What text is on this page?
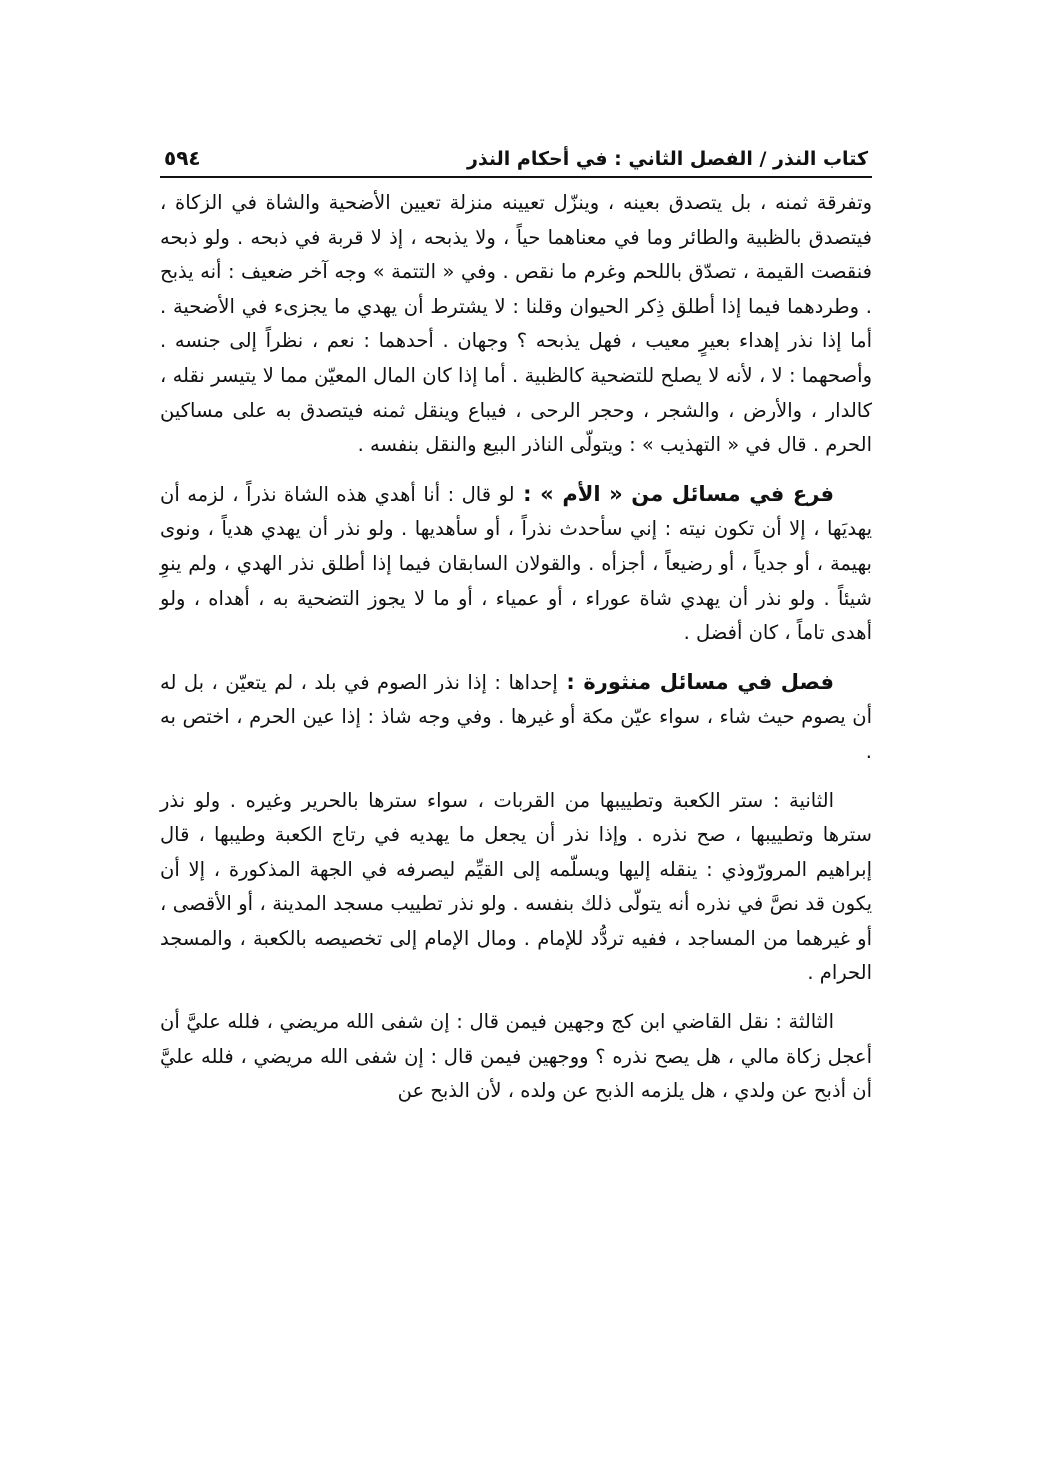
كتاب النذر / الفصل الثاني : في أحكام النذر
٥٩٤

وتفرقة ثمنه ، بل يتصدق بعينه ، وينزّل تعيينه منزلة تعيين الأضحية والشاة في الزكاة ، فيتصدق بالظبية والطائر وما في معناهما حياً ، ولا يذبحه ، إذ لا قربة في ذبحه . ولو ذبحه فنقصت القيمة ، تصدّق باللحم وغرم ما نقص . وفي « التتمة » وجه آخر ضعيف : أنه يذبح . وطردهما فيما إذا أطلق ذِكر الحيوان وقلنا : لا يشترط أن يهدي ما يجزىء في الأضحية . أما إذا نذر إهداء بعيرٍ معيب ، فهل يذبحه ؟ وجهان . أحدهما : نعم ، نظراً إلى جنسه . وأصحهما : لا ، لأنه لا يصلح للتضحية كالظبية . أما إذا كان المال المعيّن مما لا يتيسر نقله ، كالدار ، والأرض ، والشجر ، وحجر الرحى ، فيباع وينقل ثمنه فيتصدق به على مساكين الحرم . قال في « التهذيب » : ويتولّى الناذر البيع والنقل بنفسه .

فرع في مسائل من « الأم » : لو قال : أنا أهدي هذه الشاة نذراً ، لزمه أن يهديَها ، إلا أن تكون نيته : إني سأحدث نذراً ، أو سأهديها . ولو نذر أن يهدي هدياً ، ونوى بهيمة ، أو جدياً ، أو رضيعاً ، أجزأه . والقولان السابقان فيما إذا أطلق نذر الهدي ، ولم ينوِ شيئاً . ولو نذر أن يهدي شاة عوراء ، أو عمياء ، أو ما لا يجوز التضحية به ، أهداه ، ولو أهدى تاماً ، كان أفضل .

فصل في مسائل منثورة : إحداها : إذا نذر الصوم في بلد ، لم يتعيّن ، بل له أن يصوم حيث شاء ، سواء عيّن مكة أو غيرها . وفي وجه شاذ : إذا عين الحرم ، اختص به .

الثانية : ستر الكعبة وتطييبها من القربات ، سواء سترها بالحرير وغيره . ولو نذر سترها وتطييبها ، صح نذره . وإذا نذر أن يجعل ما يهديه في رتاج الكعبة وطيبها ، قال إبراهيم المرورّوذي : ينقله إليها ويسلّمه إلى القيِّم ليصرفه في الجهة المذكورة ، إلا أن يكون قد نصَّ في نذره أنه يتولّى ذلك بنفسه . ولو نذر تطييب مسجد المدينة ، أو الأقصى ، أو غيرهما من المساجد ، ففيه تردُّد للإمام . ومال الإمام إلى تخصيصه بالكعبة ، والمسجد الحرام .

الثالثة : نقل القاضي ابن كج وجهين فيمن قال : إن شفى الله مريضي ، فلله عليَّ أن أعجل زكاة مالي ، هل يصح نذره ؟ ووجهين فيمن قال : إن شفى الله مريضي ، فلله عليَّ أن أذبح عن ولدي ، هل يلزمه الذبح عن ولده ، لأن الذبح عن
